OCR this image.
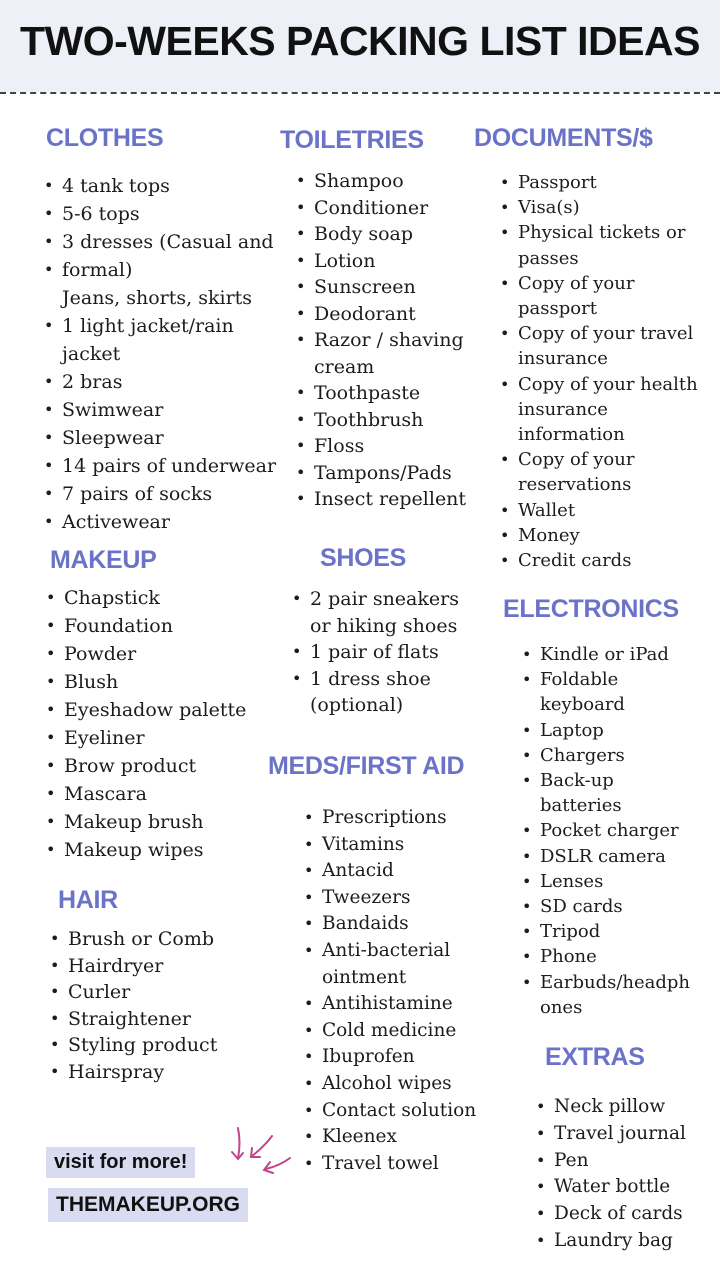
TWO-WEEKS PACKING LIST IDEAS
CLOTHES
• 4 tank tops
• 5-6 tops
• 3 dresses (Casual and
• formal)
Jeans, shorts, skirts
• 1 light jacket/rain
jacket
• 2 bras
• Swimwear
• Sleepwear
• 14 pairs of underwear
• 7 pairs of socks
• Activewear
MAKEUP
• Chapstick
• Foundation
• Powder
• Blush
• Eyeshadow palette
• Eyeliner
• Brow product
• Mascara
• Makeup brush
• Makeup wipes
HAIR
• Brush or Comb
• Hairdryer
• Curler
• Straightener
• Styling product
• Hairspray
TOILETRIES
• Shampoo
• Conditioner
• Body soap
• Lotion
• Sunscreen
• Deodorant
• Razor / shaving
cream
• Toothpaste
• Toothbrush
• Floss
• Tampons/Pads
• Insect repellent
SHOES
• 2 pair sneakers
or hiking shoes
• 1 pair of flats
• 1 dress shoe
(optional)
MEDS/FIRST AID
• Prescriptions
• Vitamins
• Antacid
• Tweezers
• Bandaids
• Anti-bacterial
ointment
• Antihistamine
• Cold medicine
• Ibuprofen
• Alcohol wipes
• Contact solution
• Kleenex
• Travel towel
DOCUMENTS/$
• Passport
• Visa(s)
• Physical tickets or
passes
• Copy of your
passport
• Copy of your travel
insurance
• Copy of your health
insurance
information
• Copy of your
reservations
• Wallet
• Money
• Credit cards
ELECTRONICS
• Kindle or iPad
• Foldable
keyboard
• Laptop
• Chargers
• Back-up
batteries
• Pocket charger
• DSLR camera
• Lenses
• SD cards
• Tripod
• Phone
• Earbuds/headph
ones
EXTRAS
• Neck pillow
• Travel journal
• Pen
• Water bottle
• Deck of cards
• Laundry bag
visit for more!
THEMAKEUP.ORG
